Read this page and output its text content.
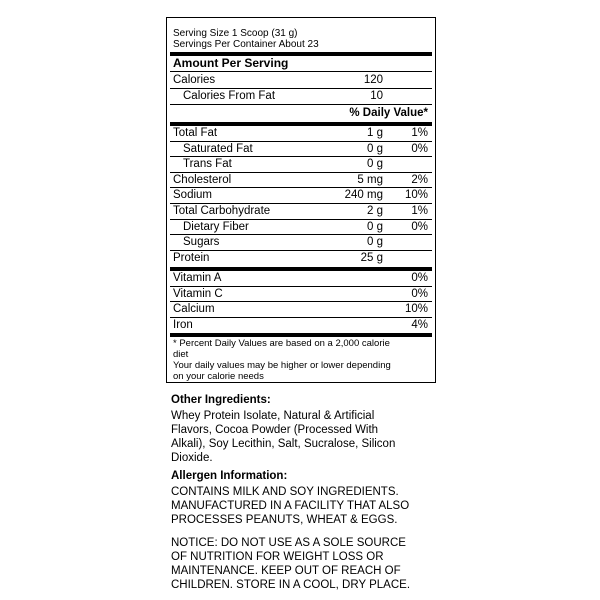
Serving Size 1 Scoop (31 g)
Servings Per Container About 23
Amount Per Serving
Calories	120
Calories From Fat	10
% Daily Value*
Total Fat	1 g	1%
Saturated Fat	0 g	0%
Trans Fat	0 g
Cholesterol	5 mg	2%
Sodium	240 mg	10%
Total Carbohydrate	2 g	1%
Dietary Fiber	0 g	0%
Sugars	0 g
Protein	25 g
Vitamin A	0%
Vitamin C	0%
Calcium	10%
Iron	4%
* Percent Daily Values are based on a 2,000 calorie
diet
Your daily values may be higher or lower depending
on your calorie needs
Other Ingredients:
Whey Protein Isolate, Natural & Artificial
Flavors, Cocoa Powder (Processed With
Alkali), Soy Lecithin, Salt, Sucralose, Silicon
Dioxide.
Allergen Information:
CONTAINS MILK AND SOY INGREDIENTS.
MANUFACTURED IN A FACILITY THAT ALSO
PROCESSES PEANUTS, WHEAT & EGGS.
NOTICE: DO NOT USE AS A SOLE SOURCE
OF NUTRITION FOR WEIGHT LOSS OR
MAINTENANCE. KEEP OUT OF REACH OF
CHILDREN. STORE IN A COOL, DRY PLACE.
